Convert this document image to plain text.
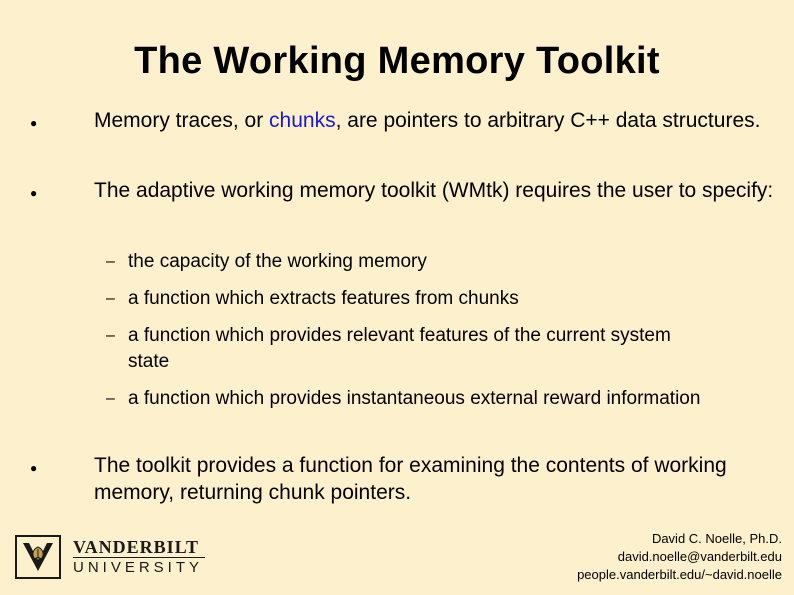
The Working Memory Toolkit
●	Memory traces, or chunks, are pointers to arbitrary C++ data structures.
●	The adaptive working memory toolkit (WMtk) requires the user to specify:
– the capacity of the working memory
– a function which extracts features from chunks
– a function which provides relevant features of the current system state
– a function which provides instantaneous external reward information
●	The toolkit provides a function for examining the contents of working memory, returning chunk pointers.
VANDERBILT
UNIVERSITY
David C. Noelle, Ph.D.
david.noelle@vanderbilt.edu
people.vanderbilt.edu/~david.noelle
